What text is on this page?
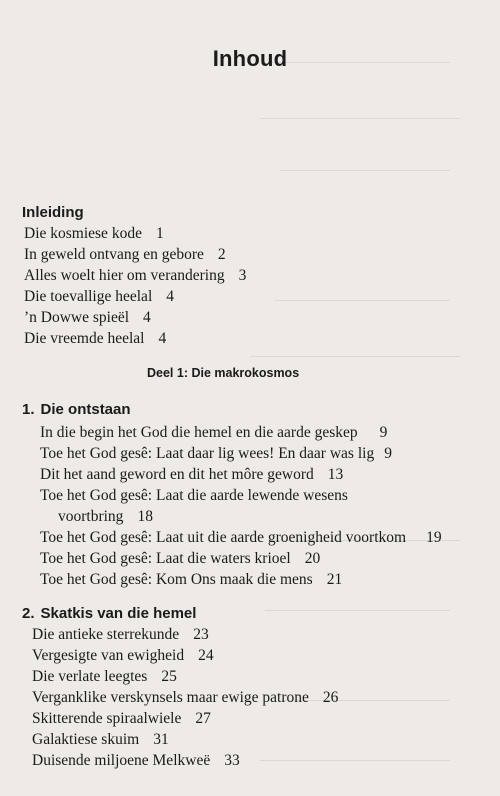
Inhoud
Inleiding
Die kosmiese kode 1
In geweld ontvang en gebore 2
Alles woelt hier om verandering 3
Die toevallige heelal 4
’n Dowwe spieël 4
Die vreemde heelal 4
Deel 1: Die makrokosmos
1. Die ontstaan
In die begin het God die hemel en die aarde geskep 9
Toe het God gesê: Laat daar lig wees! En daar was lig 9
Dit het aand geword en dit het môre geword 13
Toe het God gesê: Laat die aarde lewende wesens
voortbring 18
Toe het God gesê: Laat uit die aarde groenigheid voortkom 19
Toe het God gesê: Laat die waters krioel 20
Toe het God gesê: Kom Ons maak die mens 21
2. Skatkis van die hemel
Die antieke sterrekunde 23
Vergesigte van ewigheid 24
Die verlate leegtes 25
Verganklike verskynsels maar ewige patrone 26
Skitterende spiraalwiele 27
Galaktiese skuim 31
Duisende miljoene Melkweë 33
